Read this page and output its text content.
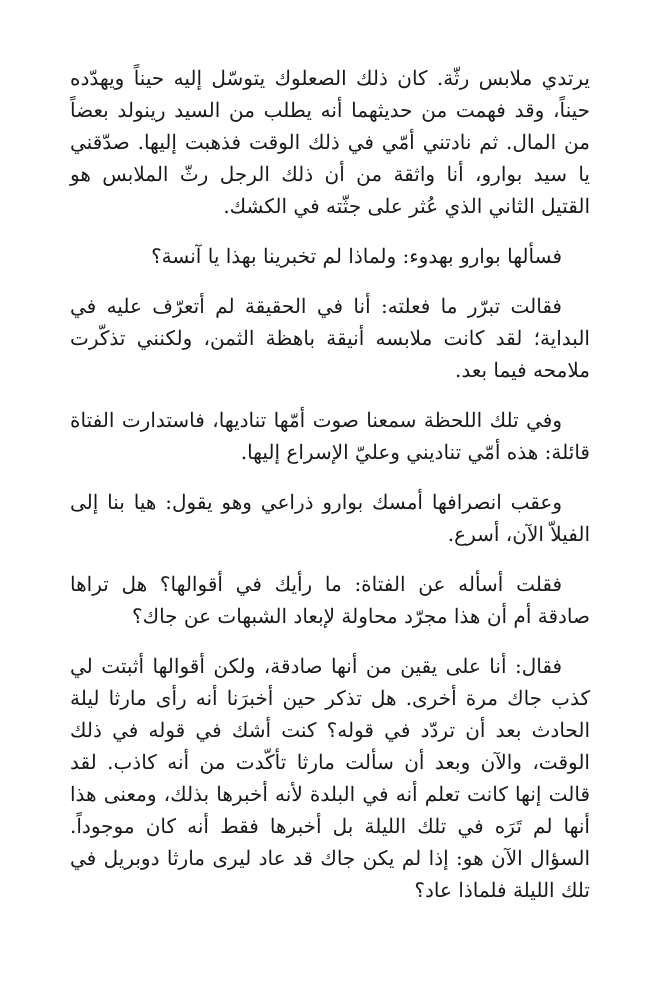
يرتدي ملابس رثّة. كان ذلك الصعلوك يتوسّل إليه حيناً ويهدّده حيناً، وقد فهمت من حديثهما أنه يطلب من السيد رينولد بعضاً من المال. ثم نادتني أمّي في ذلك الوقت فذهبت إليها. صدّقني يا سيد بوارو، أنا واثقة من أن ذلك الرجل رثّ الملابس هو القتيل الثاني الذي عُثر على جثّته في الكشك.

فسألها بوارو بهدوء: ولماذا لم تخبرينا بهذا يا آنسة؟

فقالت تبرّر ما فعلته: أنا في الحقيقة لم أتعرّف عليه في البداية؛ لقد كانت ملابسه أنيقة باهظة الثمن، ولكنني تذكّرت ملامحه فيما بعد.

وفي تلك اللحظة سمعنا صوت أمّها تناديها، فاستدارت الفتاة قائلة: هذه أمّي تناديني وعليّ الإسراع إليها.

وعقب انصرافها أمسك بوارو ذراعي وهو يقول: هيا بنا إلى الفيلاّ الآن، أسرع.

فقلت أسأله عن الفتاة: ما رأيك في أقوالها؟ هل تراها صادقة أم أن هذا مجرّد محاولة لإبعاد الشبهات عن جاك؟

فقال: أنا على يقين من أنها صادقة، ولكن أقوالها أثبتت لي كذب جاك مرة أخرى. هل تذكر حين أخبرَنا أنه رأى مارثا ليلة الحادث بعد أن تردّد في قوله؟ كنت أشك في قوله في ذلك الوقت، والآن وبعد أن سألت مارثا تأكّدت من أنه كاذب. لقد قالت إنها كانت تعلم أنه في البلدة لأنه أخبرها بذلك، ومعنى هذا أنها لم تَرَه في تلك الليلة بل أخبرها فقط أنه كان موجوداً. السؤال الآن هو: إذا لم يكن جاك قد عاد ليرى مارثا دوبريل في تلك الليلة فلماذا عاد؟
